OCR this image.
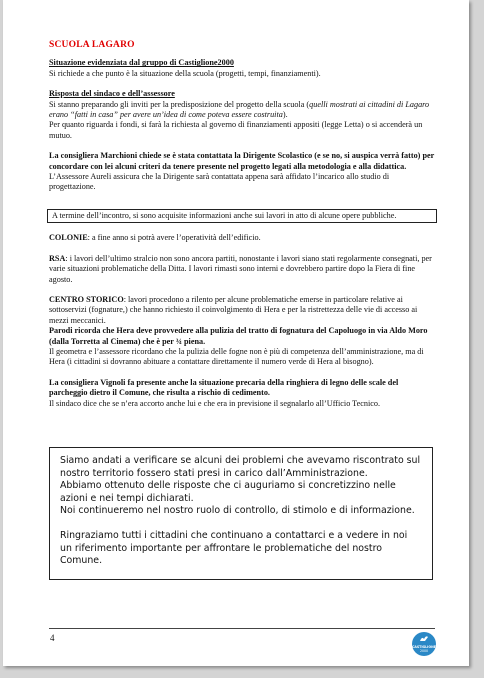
SCUOLA LAGARO

Situazione evidenziata dal gruppo di Castiglione2000

Si richiede a che punto è la situazione della scuola (progetti, tempi, finanziamenti).

Risposta del sindaco e dell’assessore

Si stanno preparando gli inviti per la predisposizione del progetto della scuola (quelli mostrati ai cittadini di Lagaro erano “fatti in casa” per avere un’idea di come poteva essere costruita).

Per quanto riguarda i fondi, si farà la richiesta al governo di finanziamenti appositi (legge Letta) o si accenderà un mutuo.

La consigliera Marchioni chiede se è stata contattata la Dirigente Scolastico (e se no, si auspica verrà fatto) per concordare con lei alcuni criteri da tenere presente nel progetto legati alla metodologia e alla didattica.

L’Assessore Aureli assicura che la Dirigente sarà contattata appena sarà affidato l’incarico allo studio di progettazione.

A termine dell’incontro, si sono acquisite informazioni anche sui lavori in atto di alcune opere pubbliche.

COLONIE: a fine anno si potrà avere l’operatività dell’edificio.

RSA: i lavori dell’ultimo stralcio non sono ancora partiti, nonostante i lavori siano stati regolarmente consegnati, per varie situazioni problematiche della Ditta. I lavori rimasti sono interni e dovrebbero partire dopo la Fiera di fine agosto.

CENTRO STORICO: lavori procedono a rilento per alcune problematiche emerse in particolare relative ai sottoservizi (fognature,) che hanno richiesto il coinvolgimento di Hera e per la ristrettezza delle vie di accesso ai mezzi meccanici.

Parodi ricorda che Hera deve provvedere alla pulizia del tratto di fognatura del Capoluogo in via Aldo Moro (dalla Torretta al Cinema) che è per ¾ piena.

Il geometra e l’assessore ricordano che la pulizia delle fogne non è più di competenza dell’amministrazione, ma di Hera (i cittadini si dovranno abituare a contattare direttamente il numero verde di Hera al bisogno).

La consigliera Vignoli fa presente anche la situazione precaria della ringhiera di legno delle scale del parcheggio dietro il Comune, che risulta a rischio di cedimento.

Il sindaco dice che se n’era accorto anche lui e che era in previsione il segnalarlo all’Ufficio Tecnico.

Siamo andati a verificare se alcuni dei problemi che avevamo riscontrato sul nostro territorio fossero stati presi in carico dall’Amministrazione.

Abbiamo ottenuto delle risposte che ci auguriamo si concretizzino nelle azioni e nei tempi dichiarati.

Noi continueremo nel nostro ruolo di controllo, di stimolo e di informazione.

Ringraziamo tutti i cittadini che continuano a contattarci e a vedere in noi un riferimento importante per affrontare le problematiche del nostro Comune.

4
CASTIGLIONE
2000
